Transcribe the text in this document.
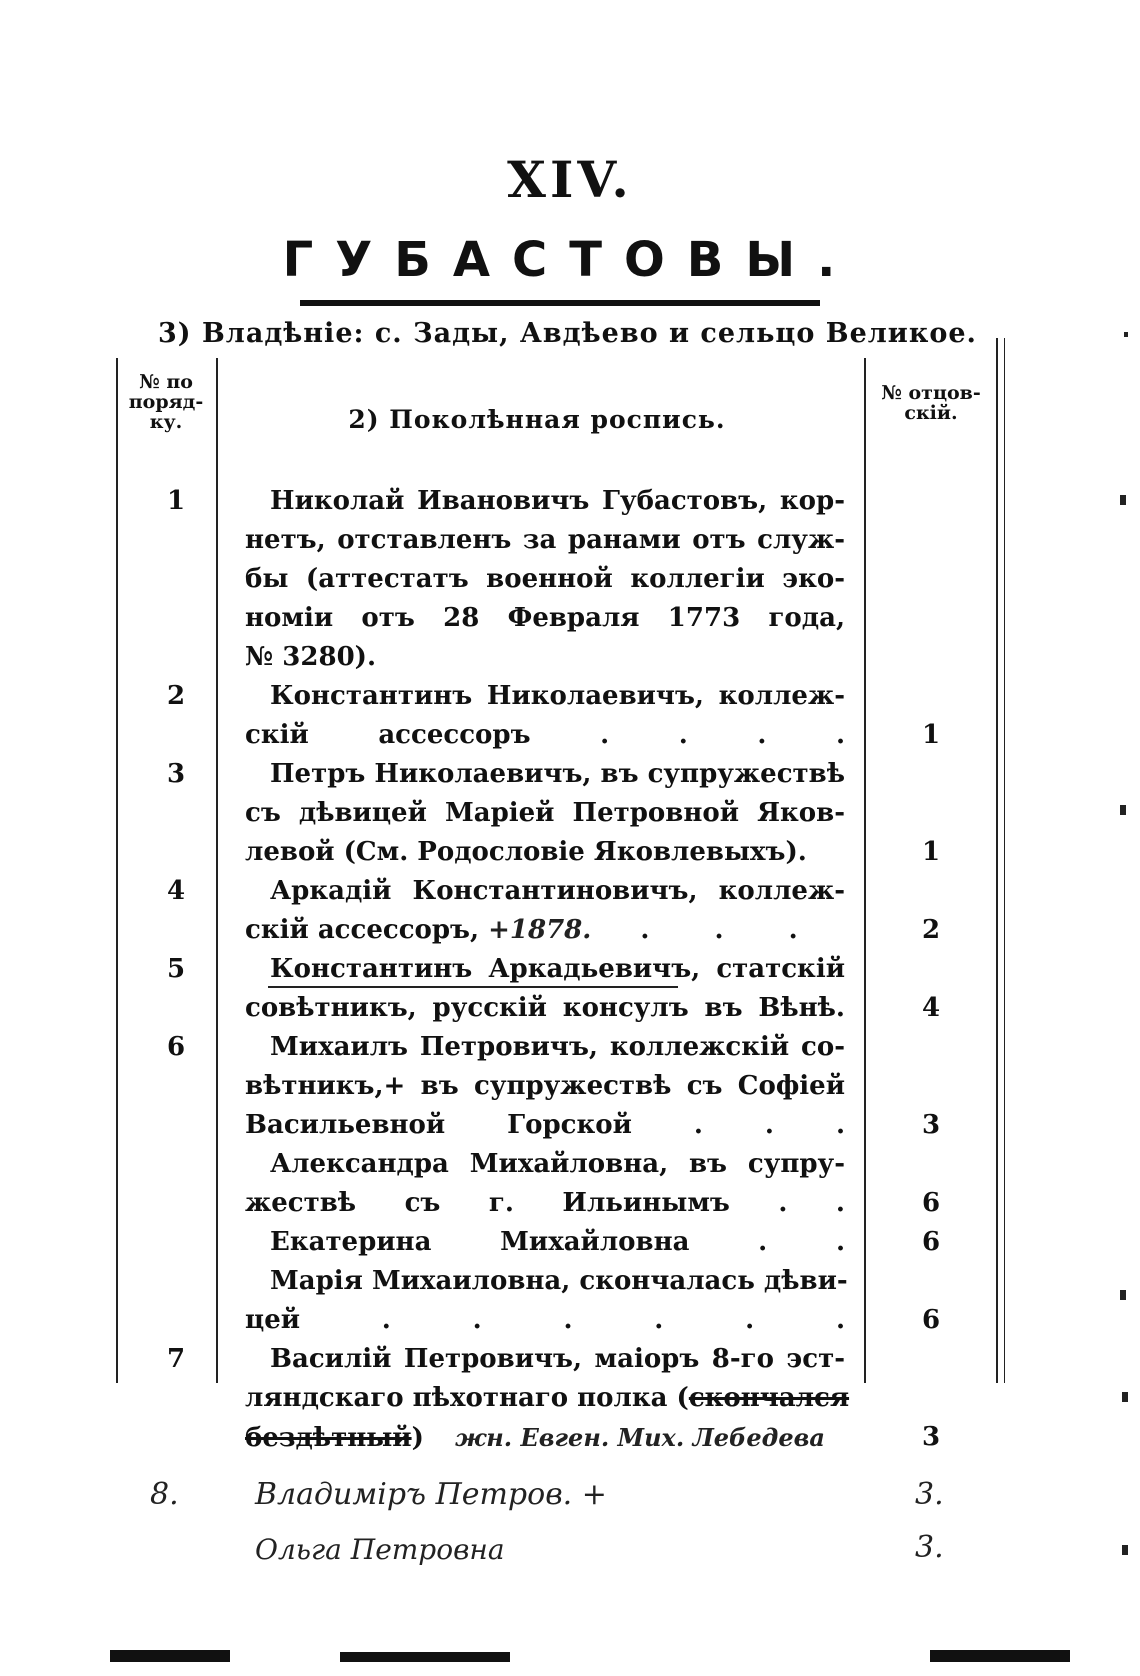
XIV.
ГУБАСТОВЫ.
3) Владѣніе: с. Зады, Авдѣево и сельцо Великое.
№ по
поряд-
ку.	2) Поколѣнная роспись.
№ отцов-
скій.
1	Николай Ивановичъ Губастовъ, кор-
нетъ, отставленъ за ранами отъ служ-
бы (аттестатъ военной коллегіи эко-
номіи отъ 28 Февраля 1773 года,
№ 3280).
2	Константинъ Николаевичъ, коллеж-
скій ассессоръ . . . .	1
3	Петръ Николаевичъ, въ супружествѣ
съ дѣвицей Маріей Петровной Яков-
левой (См. Родословіе Яковлевыхъ).	1
4	Аркадій Константиновичъ, коллеж-
скій ассессоръ, +1878. . . .	2
5	Константинъ Аркадьевичъ, статскій
совѣтникъ, русскій консулъ въ Вѣнѣ.	4
6	Михаилъ Петровичъ, коллежскій со-
вѣтникъ,+ въ супружествѣ съ Софіей
Васильевной Горской . . .	3
Александра Михайловна, въ супру-
жествѣ съ г. Ильинымъ . .	6
Екатерина Михайловна . .	6
Марія Михаиловна, скончалась дѣви-
цей . . . . . .	6
7	Василій Петровичъ, маіоръ 8-го эст-
ляндскаго пѣхотнаго полка (скончался
бездѣтный) жн. Евген. Мих. Лебедева	3
8.	Владимiръ Петров. +	3.
Ольга Петровна	3.
